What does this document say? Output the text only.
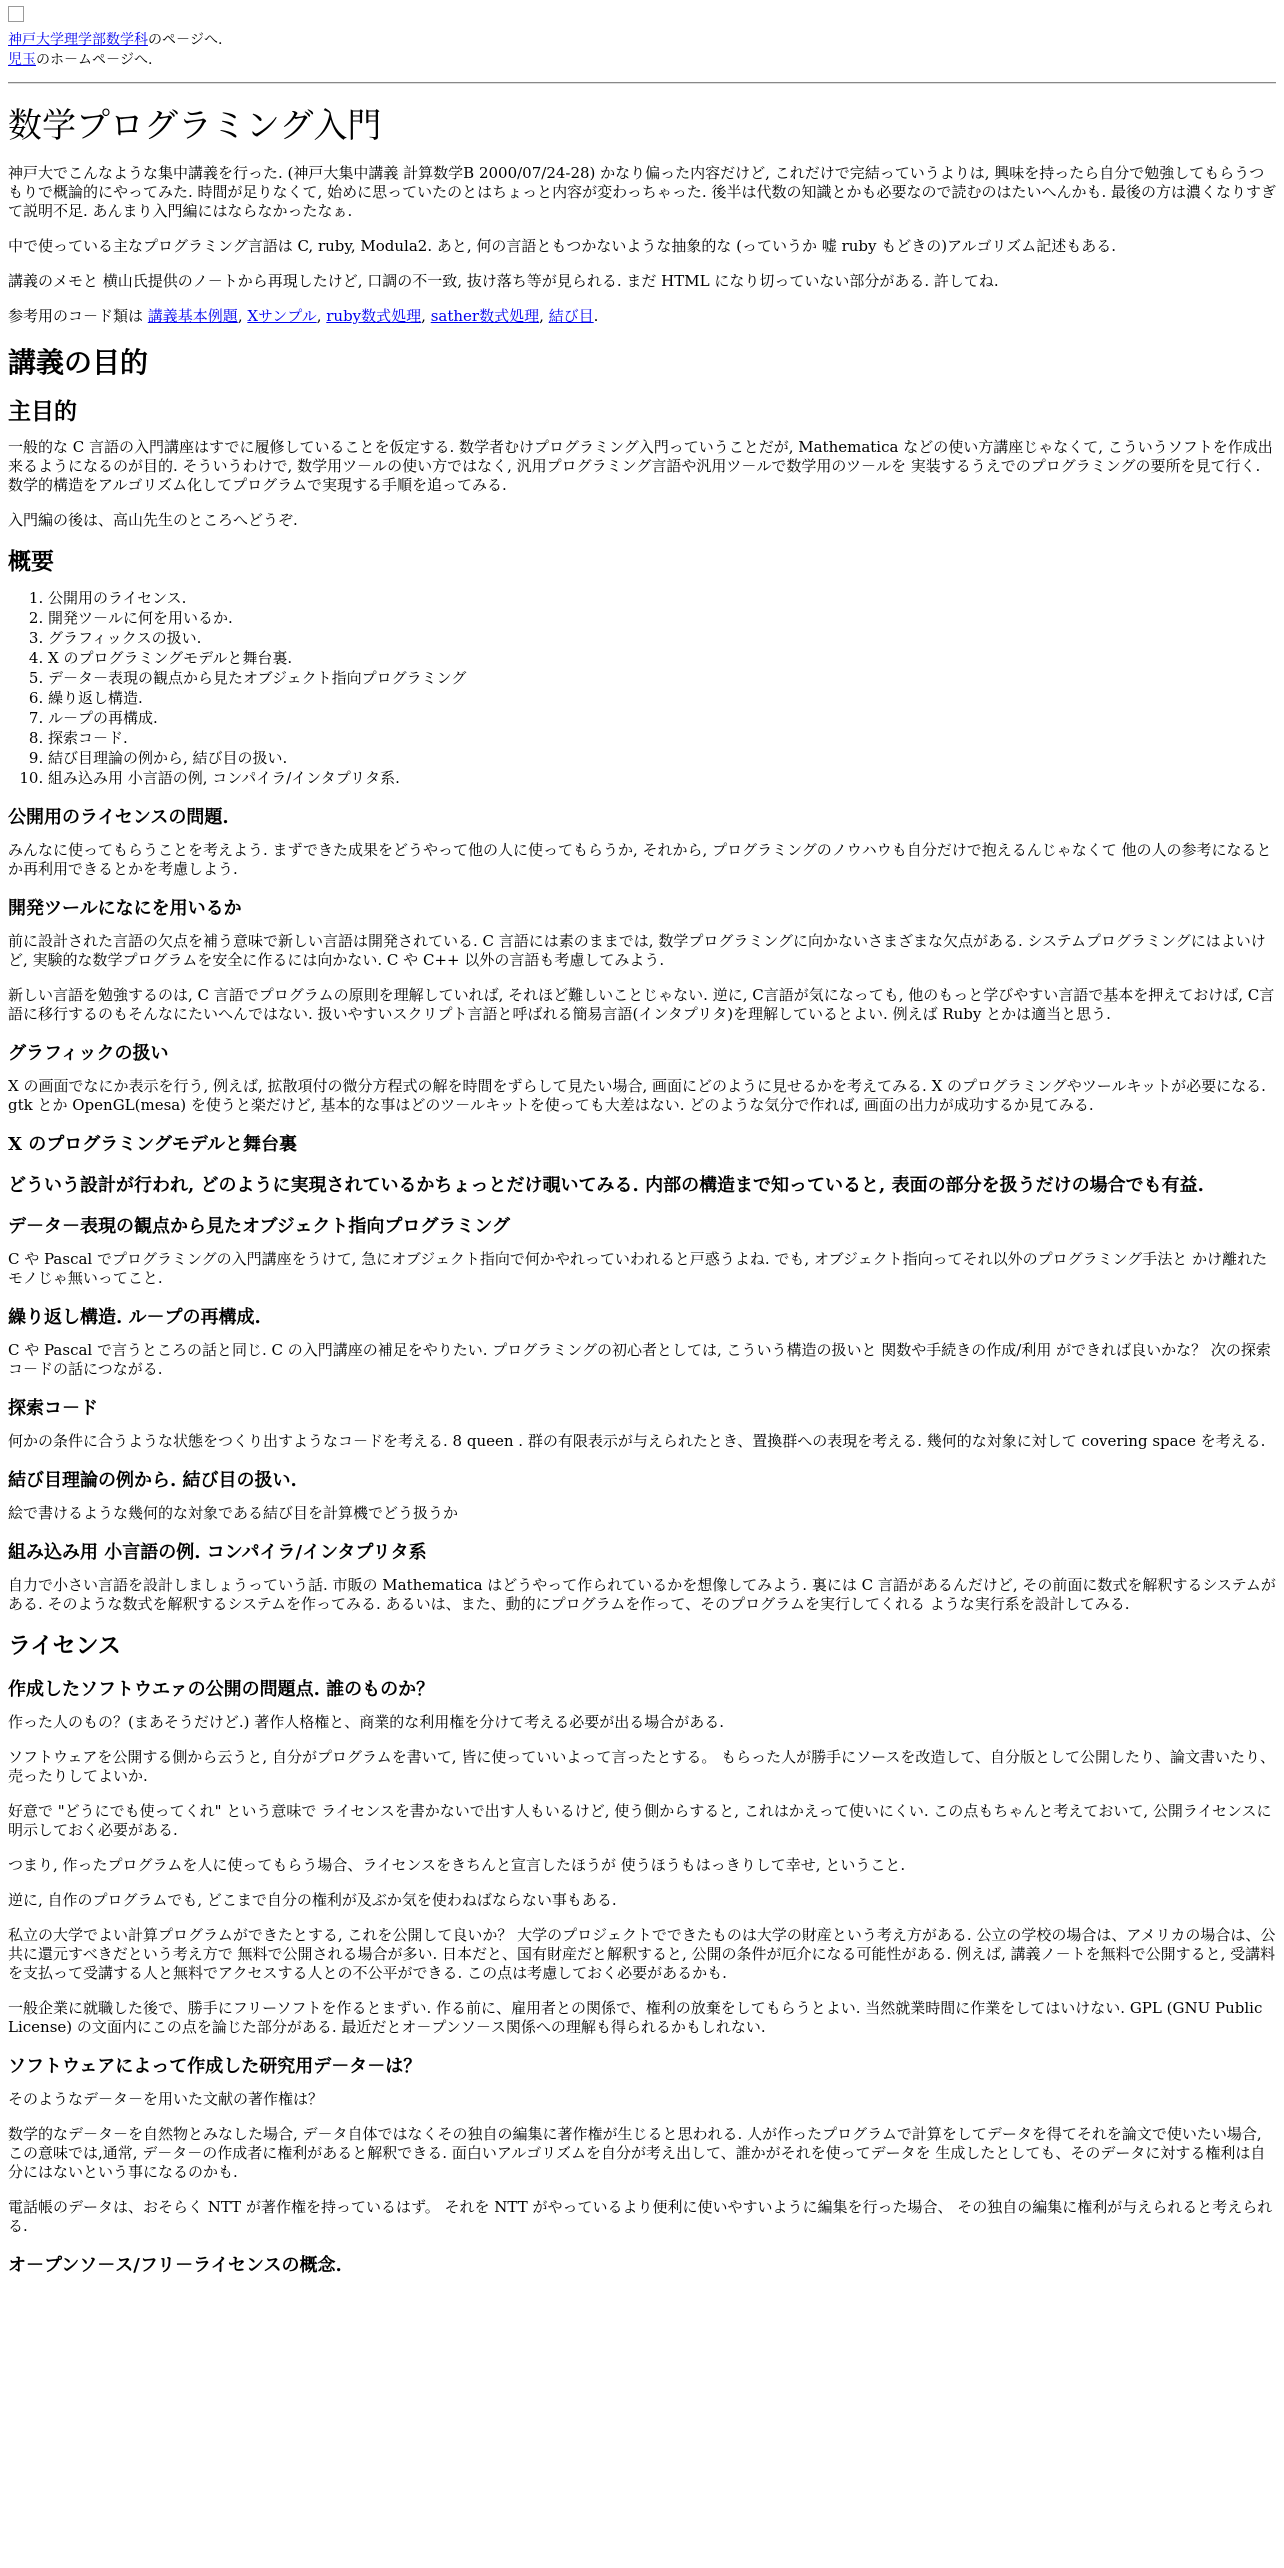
神戸大学理学部数学科のペ－ジへ.
児玉のホ－ムペ－ジへ.
数学プログラミング入門

神戸大でこんなような集中講義を行った. (神戸大集中講義 計算数学B 2000/07/24-28) かなり偏った内容だけど, これだけで完結っていうよりは, 興味を持ったら自分で勉強してもらうつもりで概論的にやってみた. 時間が足りなくて, 始めに思っていたのとはちょっと内容が変わっちゃった. 後半は代数の知識とかも必要なので読むのはたいへんかも. 最後の方は濃くなりすぎて説明不足. あんまり入門編にはならなかったなぁ.

中で使っている主なプログラミング言語は C, ruby, Modula2. あと, 何の言語ともつかないような抽象的な (っていうか 嘘 ruby もどきの)アルゴリズム記述もある.

講義のメモと 横山氏提供のノ－トから再現したけど, 口調の不一致, 抜け落ち等が見られる. まだ HTML になり切っていない部分がある. 許してね.

参考用のコ－ド類は 講義基本例題, Xサンプル, ruby数式処理, sather数式処理, 結び目.

講義の目的
主目的

一般的な C 言語の入門講座はすでに履修していることを仮定する. 数学者むけプログラミング入門っていうことだが, Mathematica などの使い方講座じゃなくて, こういうソフトを作成出来るようになるのが目的. そういうわけで, 数学用ツ－ルの使い方ではなく, 汎用プログラミング言語や汎用ツ－ルで数学用のツ－ルを 実装するうえでのプログラミングの要所を見て行く. 数学的構造をアルゴリズム化してプログラムで実現する手順を追ってみる.

入門編の後は、高山先生のところへどうぞ.

概要
1. 公開用のライセンス.
2. 開発ツ－ルに何を用いるか.
3. グラフィックスの扱い.
4. X のプログラミングモデルと舞台裏.
5. デ－タ－表現の観点から見たオブジェクト指向プログラミング
6. 繰り返し構造.
7. ル－プの再構成.
8. 探索コ－ド.
9. 結び目理論の例から, 結び目の扱い.
10. 組み込み用 小言語の例, コンパイラ/インタプリタ系.
公開用のライセンスの問題.

みんなに使ってもらうことを考えよう. まずできた成果をどうやって他の人に使ってもらうか, それから, プログラミングのノウハウも自分だけで抱えるんじゃなくて 他の人の参考になるとか再利用できるとかを考慮しよう.

開発ツールになにを用いるか

前に設計された言語の欠点を補う意味で新しい言語は開発されている. C 言語には素のままでは, 数学プログラミングに向かないさまざまな欠点がある. システムプログラミングにはよいけど, 実験的な数学プログラムを安全に作るには向かない. C や C++ 以外の言語も考慮してみよう.

新しい言語を勉強するのは, C 言語でプログラムの原則を理解していれば, それほど難しいことじゃない. 逆に, C言語が気になっても, 他のもっと学びやすい言語で基本を押えておけば, C言語に移行するのもそんなにたいへんではない. 扱いやすいスクリプト言語と呼ばれる簡易言語(インタプリタ)を理解しているとよい. 例えば Ruby とかは適当と思う.

グラフィックの扱い

X の画面でなにか表示を行う, 例えば, 拡散項付の微分方程式の解を時間をずらして見たい場合, 画面にどのように見せるかを考えてみる. X のプログラミングやツールキットが必要になる. gtk とか OpenGL(mesa) を使うと楽だけど, 基本的な事はどのツ－ルキットを使っても大差はない. どのような気分で作れば, 画面の出力が成功するか見てみる.

X のプログラミングモデルと舞台裏
どういう設計が行われ, どのように実現されているかちょっとだけ覗いてみる. 内部の構造まで知っていると, 表面の部分を扱うだけの場合でも有益.
デ－タ－表現の観点から見たオブジェクト指向プログラミング

C や Pascal でプログラミングの入門講座をうけて, 急にオブジェクト指向で何かやれっていわれると戸惑うよね. でも, オブジェクト指向ってそれ以外のプログラミング手法と かけ離れたモノじゃ無いってこと.

繰り返し構造. ル－プの再構成.

C や Pascal で言うところの話と同じ. C の入門講座の補足をやりたい. プログラミングの初心者としては, こういう構造の扱いと 関数や手続きの作成/利用 ができれば良いかな？ 次の探索コ－ドの話につながる.

探索コ－ド

何かの条件に合うような状態をつくり出すようなコ－ドを考える. 8 queen . 群の有限表示が与えられたとき、置換群への表現を考える. 幾何的な対象に対して covering space を考える.

結び目理論の例から. 結び目の扱い.

絵で書けるような幾何的な対象である結び目を計算機でどう扱うか

組み込み用 小言語の例. コンパイラ/インタプリタ系

自力で小さい言語を設計しましょうっていう話. 市販の Mathematica はどうやって作られているかを想像してみよう. 裏には C 言語があるんだけど, その前面に数式を解釈するシステムがある. そのような数式を解釈するシステムを作ってみる. あるいは、また、動的にプログラムを作って、そのプログラムを実行してくれる ような実行系を設計してみる.

ライセンス
作成したソフトウエァの公開の問題点. 誰のものか？

作った人のもの？(まあそうだけど.) 著作人格権と、商業的な利用権を分けて考える必要が出る場合がある.

ソフトウェアを公開する側から云うと, 自分がプログラムを書いて, 皆に使っていいよって言ったとする。 もらった人が勝手にソースを改造して、自分版として公開したり、論文書いたり、 売ったりしてよいか.

好意で "どうにでも使ってくれ" という意味で ライセンスを書かないで出す人もいるけど, 使う側からすると, これはかえって使いにくい. この点もちゃんと考えておいて, 公開ライセンスに明示しておく必要がある.

つまり, 作ったプログラムを人に使ってもらう場合、ライセンスをきちんと宣言したほうが 使うほうもはっきりして幸せ, ということ.

逆に, 自作のプログラムでも, どこまで自分の権利が及ぶか気を使わねばならない事もある.

私立の大学でよい計算プログラムができたとする, これを公開して良いか？ 大学のプロジェクトでできたものは大学の財産という考え方がある. 公立の学校の場合は、アメリカの場合は、公共に還元すべきだという考え方で 無料で公開される場合が多い. 日本だと、国有財産だと解釈すると, 公開の条件が厄介になる可能性がある. 例えば, 講義ノ－トを無料で公開すると, 受講料を支払って受講する人と無料でアクセスする人との不公平ができる. この点は考慮しておく必要があるかも.

一般企業に就職した後で、勝手にフリーソフトを作るとまずい. 作る前に、雇用者との関係で、権利の放棄をしてもらうとよい. 当然就業時間に作業をしてはいけない. GPL (GNU Public License) の文面内にこの点を論じた部分がある. 最近だとオ－プンソ－ス関係への理解も得られるかもしれない.

ソフトウェアによって作成した研究用デ－タ－は？

そのようなデ－タ－を用いた文献の著作権は？

数学的なデ－タ－を自然物とみなした場合, デ－タ自体ではなくその独自の編集に著作権が生じると思われる. 人が作ったプログラムで計算をしてデータを得てそれを論文で使いたい場合, この意味では,通常, デ－タ－の作成者に権利があると解釈できる. 面白いアルゴリズムを自分が考え出して、誰かがそれを使ってデータを 生成したとしても、そのデータに対する権利は自分にはないという事になるのかも.

電話帳のデータは、おそらく NTT が著作権を持っているはず。 それを NTT がやっているより便利に使いやすいように編集を行った場合、 その独自の編集に権利が与えられると考えられる.

オ－プンソ－ス/フリ－ライセンスの概念.
